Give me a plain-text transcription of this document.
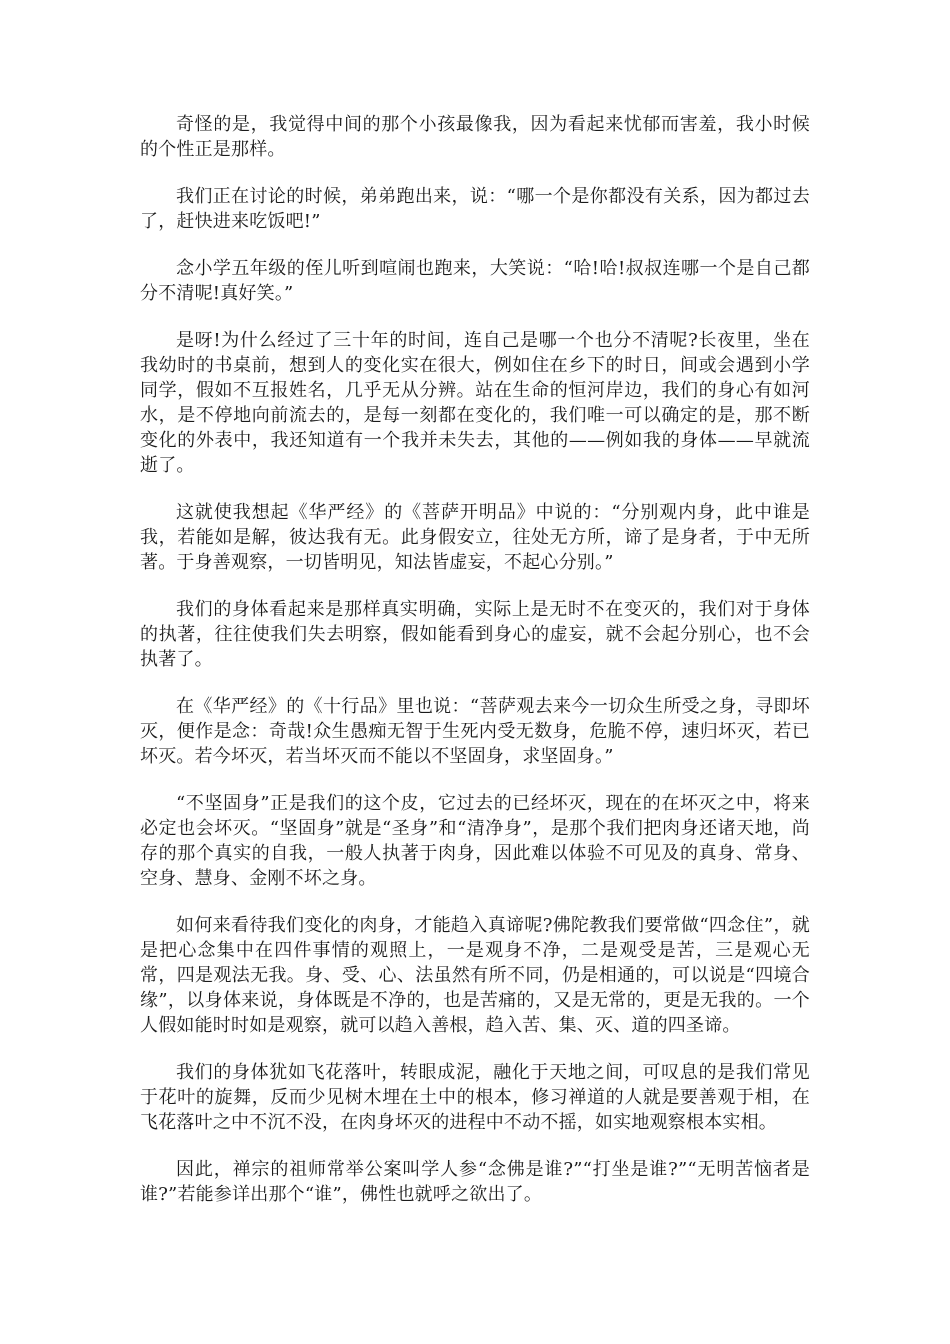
奇怪的是，我觉得中间的那个小孩最像我，因为看起来忧郁而害羞，我小时候的个性正是那样。

我们正在讨论的时候，弟弟跑出来，说：“哪一个是你都没有关系，因为都过去了，赶快进来吃饭吧!”

念小学五年级的侄儿听到喧闹也跑来，大笑说：“哈!哈!叔叔连哪一个是自己都分不清呢!真好笑。”

是呀!为什么经过了三十年的时间，连自己是哪一个也分不清呢?长夜里，坐在我幼时的书桌前，想到人的变化实在很大，例如住在乡下的时日，间或会遇到小学同学，假如不互报姓名，几乎无从分辨。站在生命的恒河岸边，我们的身心有如河水，是不停地向前流去的，是每一刻都在变化的，我们唯一可以确定的是，那不断变化的外表中，我还知道有一个我并未失去，其他的——例如我的身体——早就流逝了。

这就使我想起《华严经》的《菩萨开明品》中说的：“分别观内身，此中谁是我，若能如是解，彼达我有无。此身假安立，往处无方所，谛了是身者，于中无所著。于身善观察，一切皆明见，知法皆虚妄，不起心分别。”

我们的身体看起来是那样真实明确，实际上是无时不在变灭的，我们对于身体的执著，往往使我们失去明察，假如能看到身心的虚妄，就不会起分别心，也不会执著了。

在《华严经》的《十行品》里也说：“菩萨观去来今一切众生所受之身，寻即坏灭，便作是念：奇哉!众生愚痴无智于生死内受无数身，危脆不停，速归坏灭，若已坏灭。若今坏灭，若当坏灭而不能以不坚固身，求坚固身。”

“不坚固身”正是我们的这个皮，它过去的已经坏灭，现在的在坏灭之中，将来必定也会坏灭。“坚固身”就是“圣身”和“清净身”，是那个我们把肉身还诸天地，尚存的那个真实的自我，一般人执著于肉身，因此难以体验不可见及的真身、常身、空身、慧身、金刚不坏之身。

如何来看待我们变化的肉身，才能趋入真谛呢?佛陀教我们要常做“四念住”，就是把心念集中在四件事情的观照上，一是观身不净，二是观受是苦，三是观心无常，四是观法无我。身、受、心、法虽然有所不同，仍是相通的，可以说是“四境合缘”，以身体来说，身体既是不净的，也是苦痛的，又是无常的，更是无我的。一个人假如能时时如是观察，就可以趋入善根，趋入苦、集、灭、道的四圣谛。

我们的身体犹如飞花落叶，转眼成泥，融化于天地之间，可叹息的是我们常见于花叶的旋舞，反而少见树木埋在土中的根本，修习禅道的人就是要善观于相，在飞花落叶之中不沉不没，在肉身坏灭的进程中不动不摇，如实地观察根本实相。

因此，禅宗的祖师常举公案叫学人参“念佛是谁?”“打坐是谁?”“无明苦恼者是谁?”若能参详出那个“谁”，佛性也就呼之欲出了。
